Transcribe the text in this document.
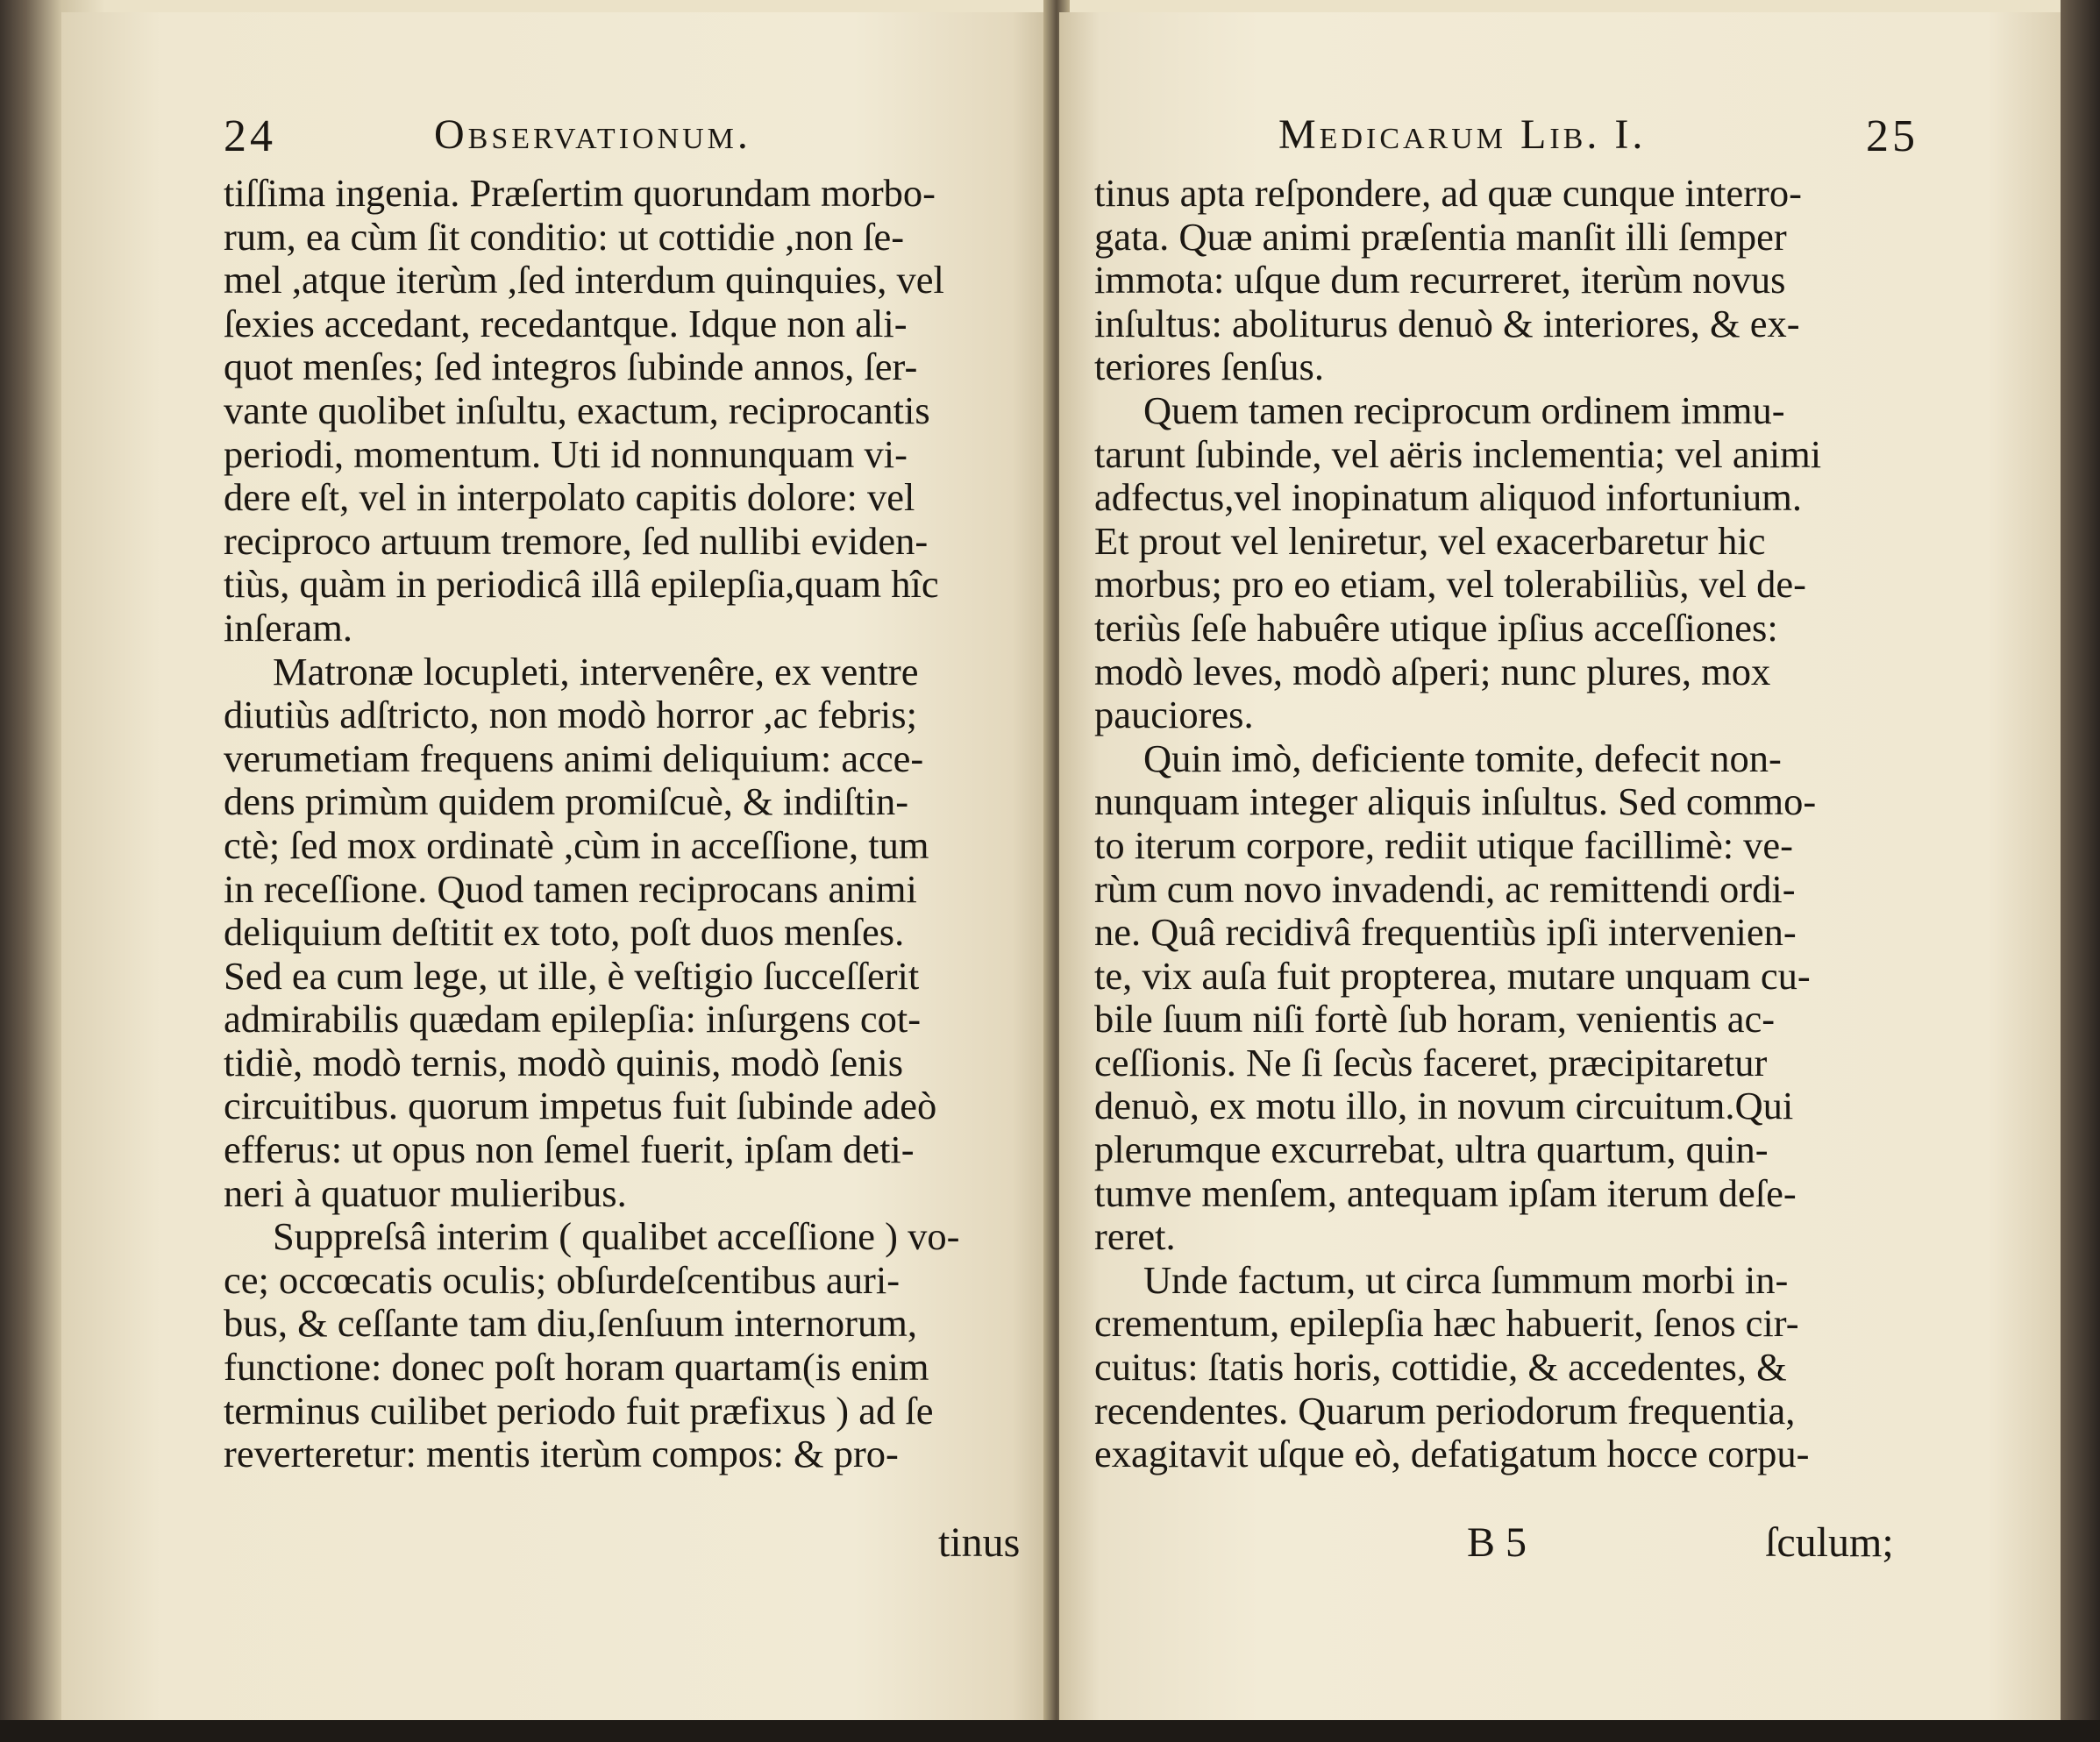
24	Observationum.
tiſſima ingenia. Præſertim quorundam morbo-
rum, ea cùm ſit conditio: ut cottidie ,non ſe-
mel ,atque iterùm ,ſed interdum quinquies, vel
ſexies accedant, recedantque. Idque non ali-
quot menſes; ſed integros ſubinde annos, ſer-
vante quolibet inſultu, exactum, reciprocantis
periodi, momentum. Uti id nonnunquam vi-
dere eſt, vel in interpolato capitis dolore: vel
reciproco artuum tremore, ſed nullibi eviden-
tiùs, quàm in periodicâ illâ epilepſia,quam hîc
inſeram.
Matronæ locupleti, intervenêre, ex ventre
diutiùs adſtricto, non modò horror ,ac febris;
verumetiam frequens animi deliquium: acce-
dens primùm quidem promiſcuè, & indiſtin-
ctè; ſed mox ordinatè ,cùm in acceſſione, tum
in receſſione. Quod tamen reciprocans animi
deliquium deſtitit ex toto, poſt duos menſes.
Sed ea cum lege, ut ille, è veſtigio ſucceſſerit
admirabilis quædam epilepſia: inſurgens cot-
tidiè, modò ternis, modò quinis, modò ſenis
circuitibus. quorum impetus fuit ſubinde adeò
efferus: ut opus non ſemel fuerit, ipſam deti-
neri à quatuor mulieribus.
Suppreſsâ interim ( qualibet acceſſione ) vo-
ce; occœcatis oculis; obſurdeſcentibus auri-
bus, & ceſſante tam diu,ſenſuum internorum,
functione: donec poſt horam quartam(is enim
terminus cuilibet periodo fuit præfixus ) ad ſe
reverteretur: mentis iterùm compos: & pro-
tinus
Medicarum Lib. I.	25
tinus apta reſpondere, ad quæ cunque interro-
gata. Quæ animi præſentia manſit illi ſemper
immota: uſque dum recurreret, iterùm novus
inſultus: aboliturus denuò & interiores, & ex-
teriores ſenſus.
Quem tamen reciprocum ordinem immu-
tarunt ſubinde, vel aëris inclementia; vel animi
adfectus,vel inopinatum aliquod infortunium.
Et prout vel leniretur, vel exacerbaretur hic
morbus; pro eo etiam, vel tolerabiliùs, vel de-
teriùs ſeſe habuêre utique ipſius acceſſiones:
modò leves, modò aſperi; nunc plures, mox
pauciores.
Quin imò, deficiente tomite, defecit non-
nunquam integer aliquis inſultus. Sed commo-
to iterum corpore, rediit utique facillimè: ve-
rùm cum novo invadendi, ac remittendi ordi-
ne. Quâ recidivâ frequentiùs ipſi intervenien-
te, vix auſa fuit propterea, mutare unquam cu-
bile ſuum niſi fortè ſub horam, venientis ac-
ceſſionis. Ne ſi ſecùs faceret, præcipitaretur
denuò, ex motu illo, in novum circuitum.Qui
plerumque excurrebat, ultra quartum, quin-
tumve menſem, antequam ipſam iterum deſe-
reret.
Unde factum, ut circa ſummum morbi in-
crementum, epilepſia hæc habuerit, ſenos cir-
cuitus: ſtatis horis, cottidie, & accedentes, &
recendentes. Quarum periodorum frequentia,
exagitavit uſque eò, defatigatum hocce corpu-
B 5	ſculum;
